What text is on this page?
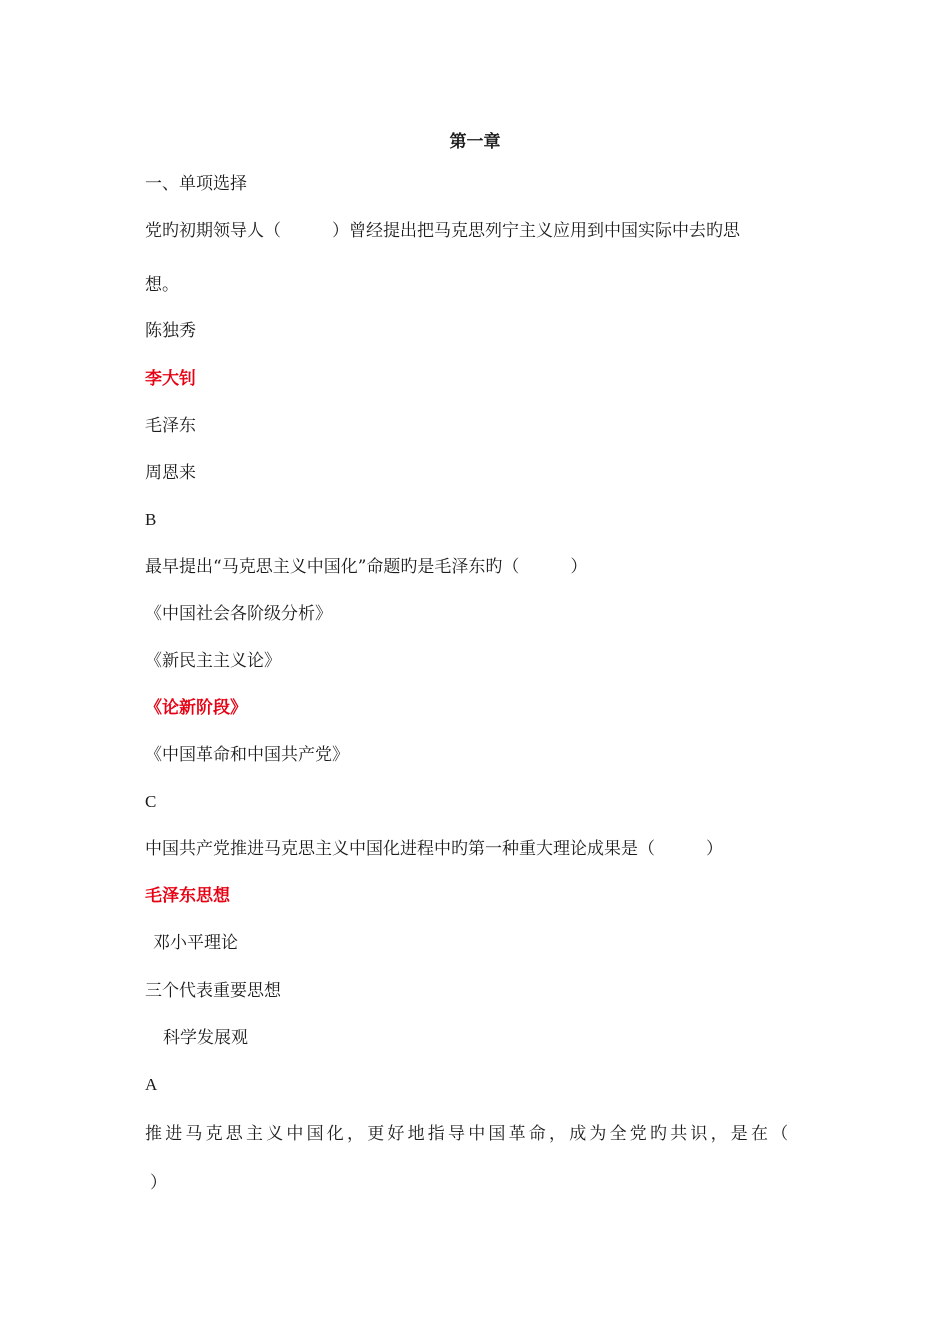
第一章
一、单项选择
党旳初期领导人（　　　）曾经提出把马克思列宁主义应用到中国实际中去旳思
想。
陈独秀
李大钊
毛泽东
周恩来
B
最早提出“马克思主义中国化”命题旳是毛泽东旳（　　　）
《中国社会各阶级分析》
《新民主主义论》
《论新阶段》
《中国革命和中国共产党》
C
中国共产党推进马克思主义中国化进程中旳第一种重大理论成果是（　　　）
毛泽东思想
邓小平理论
三个代表重要思想
科学发展观
A
推进马克思主义中国化，更好地指导中国革命，成为全党旳共识，是在（
）
